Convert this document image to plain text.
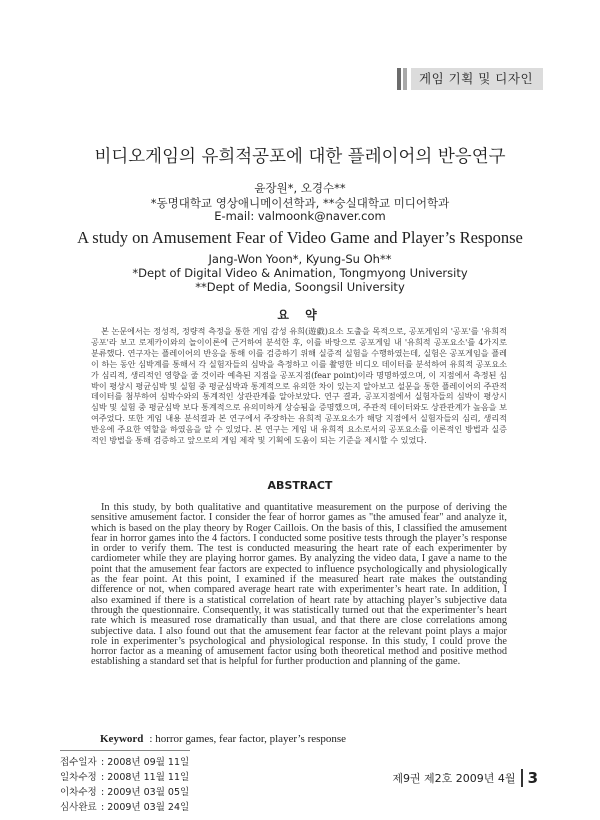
게임 기획 및 디자인
비디오게임의 유희적공포에 대한 플레이어의 반응연구
윤장원*, 오경수**
*동명대학교 영상애니메이션학과, **숭실대학교 미디어학과
E-mail: valmoonk@naver.com
A study on Amusement Fear of Video Game and Player’s Response
Jang-Won Yoon*, Kyung-Su Oh**
*Dept of Digital Video & Animation, Tongmyong University
**Dept of Media, Soongsil University
요 약

본 논문에서는 정성적, 정량적 측정을 통한 게임 감성 유희(遊戱)요소 도출을 목적으로, 공포게임의 '공포'를 '유희적 공포'라 보고 로제카이와의 놀이이론에 근거하여 분석한 후, 이를 바탕으로 공포게임 내 '유희적 공포요소'를 4가지로 분류했다. 연구자는 플레이어의 반응을 통해 이를 검증하기 위해 실증적 실험을 수행하였는데, 실험은 공포게임을 플레이 하는 동안 심박계를 통해서 각 실험자들의 심박을 측정하고 이를 촬영한 비디오 데이터를 분석하여 유희적 공포요소가 심리적, 생리적인 영향을 줄 것이라 예측된 지점을 공포지점(fear point)이라 명명하였으며, 이 지점에서 측정된 심박이 평상시 평균심박 및 실험 중 평균심박과 통계적으로 유의한 차이 있는지 알아보고 설문을 통한 플레이어의 주관적 데이터를 첨부하여 심박수와의 통계적인 상관관계를 알아보았다. 연구 결과, 공포지점에서 실험자들의 심박이 평상시 심박 및 실험 중 평균심박 보다 통계적으로 유의미하게 상승됨을 증명했으며, 주관적 데이터와도 상관관계가 높음을 보여주었다. 또한 게임 내용 분석결과 본 연구에서 주장하는 유희적 공포요소가 해당 지점에서 실험자들의 심리, 생리적 반응에 주요한 역할을 하였음을 알 수 있었다. 본 연구는 게임 내 유희적 요소로서의 공포요소를 이론적인 방법과 실증적인 방법을 통해 검증하고 앞으로의 게임 제작 및 기획에 도움이 되는 기준을 제시할 수 있었다.

ABSTRACT

In this study, by both qualitative and quantitative measurement on the purpose of deriving the sensitive amusement factor. I consider the fear of horror games as "the amused fear" and analyze it, which is based on the play theory by Roger Caillois. On the basis of this, I classified the amusement fear in horror games into the 4 factors. I conducted some positive tests through the player’s response in order to verify them. The test is conducted measuring the heart rate of each experimenter by cardiometer while they are playing horror games. By analyzing the video data, I gave a name to the point that the amusement fear factors are expected to influence psychologically and physiologically as the fear point. At this point, I examined if the measured heart rate makes the outstanding difference or not, when compared average heart rate with experimenter’s heart rate. In addition, I also examined if there is a statistical correlation of heart rate by attaching player’s subjective data through the questionnaire. Consequently, it was statistically turned out that the experimenter’s heart rate which is measured rose dramatically than usual, and that there are close correlations among subjective data. I also found out that the amusement fear factor at the relevant point plays a major role in experimenter’s psychological and physiological response. In this study, I could prove the horror factor as a meaning of amusement factor using both theoretical method and positive method establishing a standard set that is helpful for further production and planning of the game.

Keyword : horror games, fear factor, player’s response
접수일자 : 2008년 09월 11일
일차수정 : 2008년 11월 11일
이차수정 : 2009년 03월 05일
심사완료 : 2009년 03월 24일
제9권 제2호 2009년 4월 3
